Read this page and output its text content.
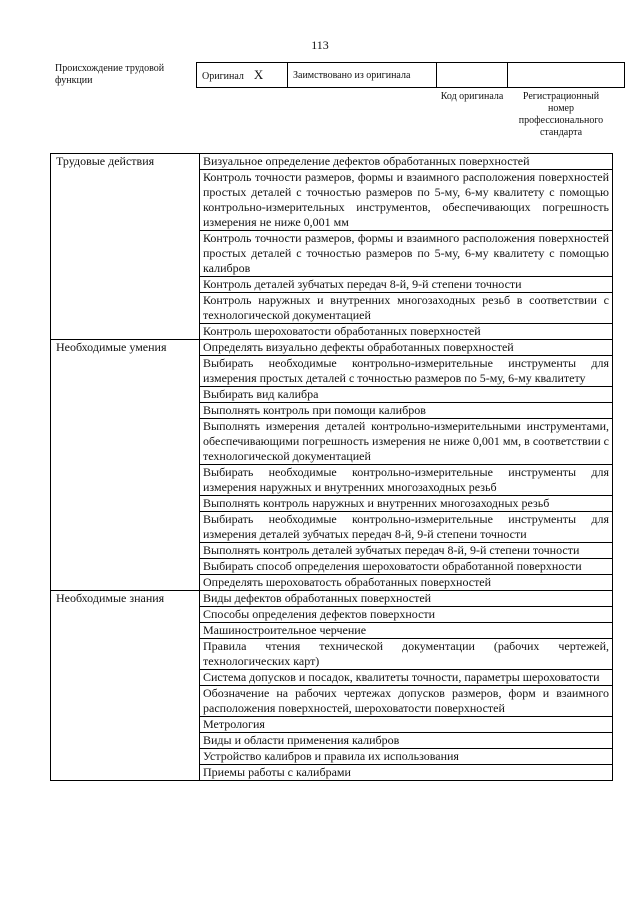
113
Происхождение трудовой функции	Оригинал X	Заимствовано из оригинала		
Код оригинала	Регистрационный номер профессионального стандарта
Трудовые действия	Визуальное определение дефектов обработанных поверхностей
	Контроль точности размеров, формы и взаимного расположения поверхностей простых деталей с точностью размеров по 5-му, 6-му квалитету с помощью контрольно-измерительных инструментов, обеспечивающих погрешность измерения не ниже 0,001 мм
	Контроль точности размеров, формы и взаимного расположения поверхностей простых деталей с точностью размеров по 5-му, 6-му квалитету с помощью калибров
	Контроль деталей зубчатых передач 8-й, 9-й степени точности
	Контроль наружных и внутренних многозаходных резьб в соответствии с технологической документацией
	Контроль шероховатости обработанных поверхностей
Необходимые умения	Определять визуально дефекты обработанных поверхностей
	Выбирать необходимые контрольно-измерительные инструменты для измерения простых деталей с точностью размеров по 5-му, 6-му квалитету
	Выбирать вид калибра
	Выполнять контроль при помощи калибров
	Выполнять измерения деталей контрольно-измерительными инструментами, обеспечивающими погрешность измерения не ниже 0,001 мм, в соответствии с технологической документацией
	Выбирать необходимые контрольно-измерительные инструменты для измерения наружных и внутренних многозаходных резьб
	Выполнять контроль наружных и внутренних многозаходных резьб
	Выбирать необходимые контрольно-измерительные инструменты для измерения деталей зубчатых передач 8-й, 9-й степени точности
	Выполнять контроль деталей зубчатых передач 8-й, 9-й степени точности
	Выбирать способ определения шероховатости обработанной поверхности
	Определять шероховатость обработанных поверхностей
Необходимые знания	Виды дефектов обработанных поверхностей
	Способы определения дефектов поверхности
	Машиностроительное черчение
	Правила чтения технической документации (рабочих чертежей, технологических карт)
	Система допусков и посадок, квалитеты точности, параметры шероховатости
	Обозначение на рабочих чертежах допусков размеров, форм и взаимного расположения поверхностей, шероховатости поверхностей
	Метрология
	Виды и области применения калибров
	Устройство калибров и правила их использования
	Приемы работы с калибрами
